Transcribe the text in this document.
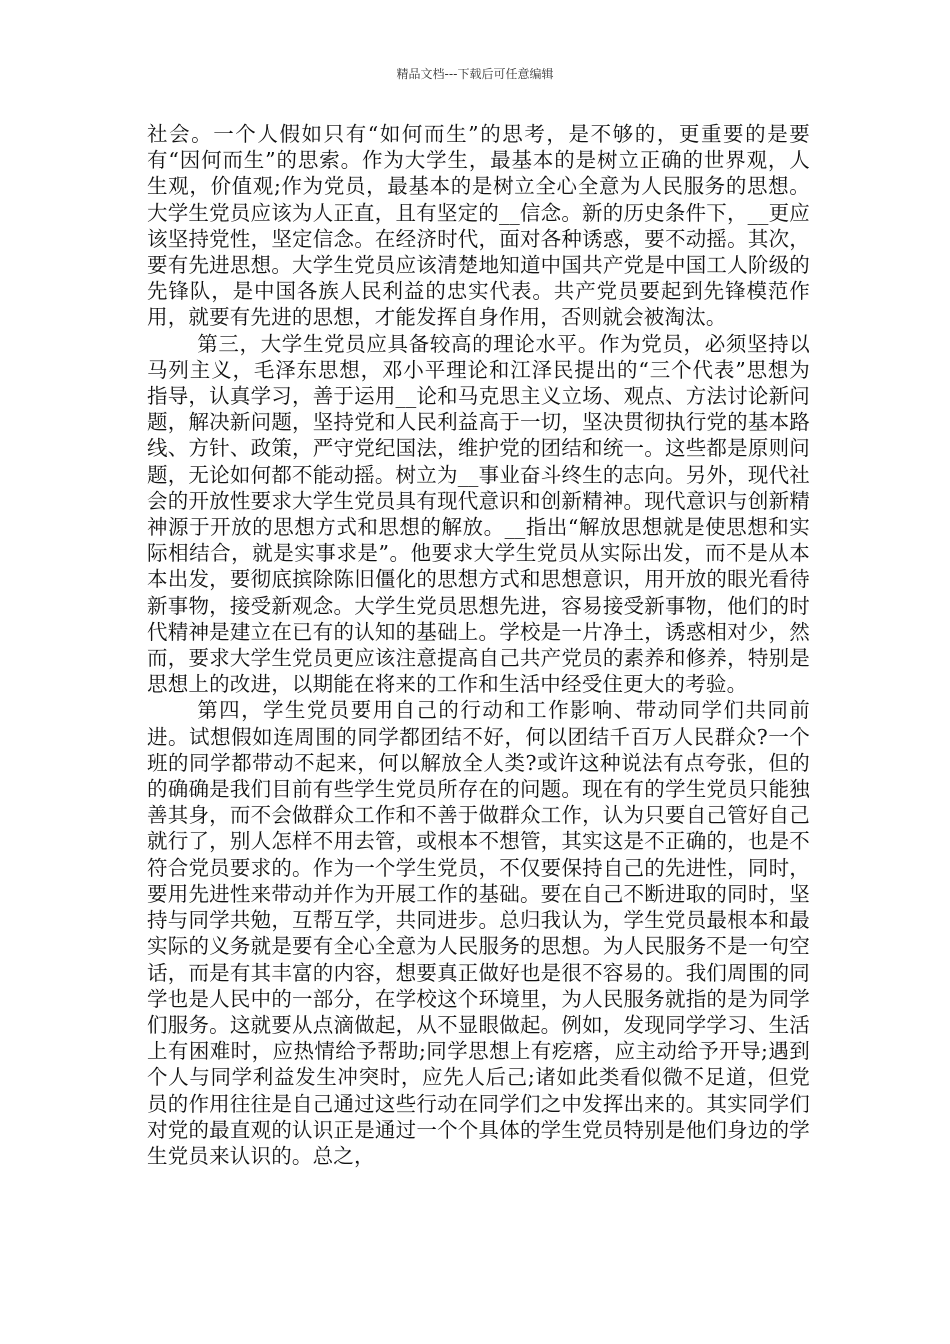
精品文档---下载后可任意编辑

社会。一个人假如只有“如何而生”的思考，是不够的，更重要的是要有“因何而生”的思索。作为大学生，最基本的是树立正确的世界观，人生观，价值观;作为党员，最基本的是树立全心全意为人民服务的思想。大学生党员应该为人正直，且有坚定的__信念。新的历史条件下，__更应该坚持党性，坚定信念。在经济时代，面对各种诱惑，要不动摇。其次，要有先进思想。大学生党员应该清楚地知道中国共产党是中国工人阶级的先锋队，是中国各族人民利益的忠实代表。共产党员要起到先锋模范作用，就要有先进的思想，才能发挥自身作用，否则就会被淘汰。

第三，大学生党员应具备较高的理论水平。作为党员，必须坚持以马列主义，毛泽东思想，邓小平理论和江泽民提出的“三个代表”思想为指导，认真学习，善于运用__论和马克思主义立场、观点、方法讨论新问题，解决新问题，坚持党和人民利益高于一切，坚决贯彻执行党的基本路线、方针、政策，严守党纪国法，维护党的团结和统一。这些都是原则问题，无论如何都不能动摇。树立为__事业奋斗终生的志向。另外，现代社会的开放性要求大学生党员具有现代意识和创新精神。现代意识与创新精神源于开放的思想方式和思想的解放。__指出“解放思想就是使思想和实际相结合，就是实事求是”。他要求大学生党员从实际出发，而不是从本本出发，要彻底摈除陈旧僵化的思想方式和思想意识，用开放的眼光看待新事物，接受新观念。大学生党员思想先进，容易接受新事物，他们的时代精神是建立在已有的认知的基础上。学校是一片净土，诱惑相对少，然而，要求大学生党员更应该注意提高自己共产党员的素养和修养，特别是思想上的改进，以期能在将来的工作和生活中经受住更大的考验。

第四，学生党员要用自己的行动和工作影响、带动同学们共同前进。试想假如连周围的同学都团结不好，何以团结千百万人民群众?一个班的同学都带动不起来，何以解放全人类?或许这种说法有点夸张，但的的确确是我们目前有些学生党员所存在的问题。现在有的学生党员只能独善其身，而不会做群众工作和不善于做群众工作，认为只要自己管好自己就行了，别人怎样不用去管，或根本不想管，其实这是不正确的，也是不符合党员要求的。作为一个学生党员，不仅要保持自己的先进性，同时，要用先进性来带动并作为开展工作的基础。要在自己不断进取的同时，坚持与同学共勉，互帮互学，共同进步。总归我认为，学生党员最根本和最实际的义务就是要有全心全意为人民服务的思想。为人民服务不是一句空话，而是有其丰富的内容，想要真正做好也是很不容易的。我们周围的同学也是人民中的一部分，在学校这个环境里，为人民服务就指的是为同学们服务。这就要从点滴做起，从不显眼做起。例如，发现同学学习、生活上有困难时，应热情给予帮助;同学思想上有疙瘩，应主动给予开导;遇到个人与同学利益发生冲突时，应先人后己;诸如此类看似微不足道，但党员的作用往往是自己通过这些行动在同学们之中发挥出来的。其实同学们对党的最直观的认识正是通过一个个具体的学生党员特别是他们身边的学生党员来认识的。总之，
